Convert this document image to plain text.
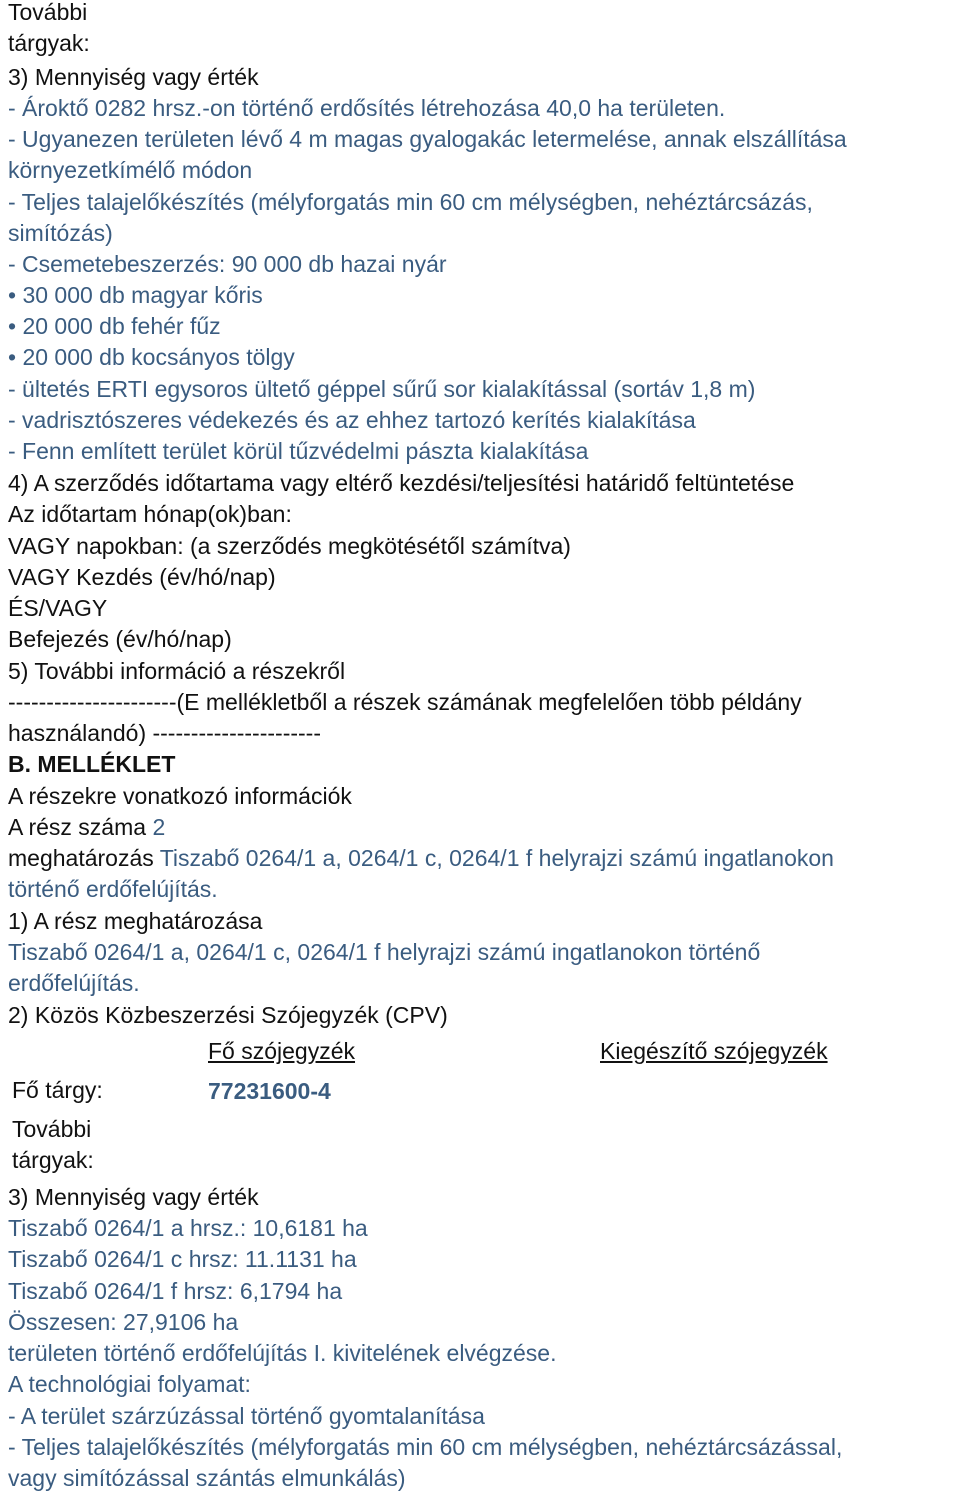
További
tárgyak:
3) Mennyiség vagy érték
- Ároktő 0282 hrsz.-on történő erdősítés létrehozása 40,0 ha területen.
- Ugyanezen területen lévő 4 m magas gyalogakác letermelése, annak elszállítása
környezetkímélő módon
- Teljes talajelőkészítés (mélyforgatás min 60 cm mélységben, nehéztárcsázás,
simítózás)
- Csemetebeszerzés: 90 000 db hazai nyár
• 30 000 db magyar kőris
• 20 000 db fehér fűz
• 20 000 db kocsányos tölgy
- ültetés ERTI egysoros ültető géppel sűrű sor kialakítással (sortáv 1,8 m)
- vadrisztószeres védekezés és az ehhez tartozó kerítés kialakítása
- Fenn említett terület körül tűzvédelmi pászta kialakítása
4) A szerződés időtartama vagy eltérő kezdési/teljesítési határidő feltüntetése
Az időtartam hónap(ok)ban:
VAGY napokban: (a szerződés megkötésétől számítva)
VAGY Kezdés (év/hó/nap)
ÉS/VAGY
Befejezés (év/hó/nap)
5) További információ a részekről
----------------------(E mellékletből a részek számának megfelelően több példány
használandó) ----------------------
B. MELLÉKLET
A részekre vonatkozó információk
A rész száma 2
meghatározás Tiszabő 0264/1 a, 0264/1 c, 0264/1 f helyrajzi számú ingatlanokon
történő erdőfelújítás.
1) A rész meghatározása
Tiszabő 0264/1 a, 0264/1 c, 0264/1 f helyrajzi számú ingatlanokon történő
erdőfelújítás.
2) Közös Közbeszerzési Szójegyzék (CPV)
Fő szójegyzék	Kiegészítő szójegyzék
Fő tárgy:	77231600-4
További
tárgyak:
3) Mennyiség vagy érték
Tiszabő 0264/1 a hrsz.: 10,6181 ha
Tiszabő 0264/1 c hrsz: 11.1131 ha
Tiszabő 0264/1 f hrsz: 6,1794 ha
Összesen: 27,9106 ha
területen történő erdőfelújítás I. kivitelének elvégzése.
A technológiai folyamat:
- A terület szárzúzással történő gyomtalanítása
- Teljes talajelőkészítés (mélyforgatás min 60 cm mélységben, nehéztárcsázással,
vagy simítózással szántás elmunkálás)
